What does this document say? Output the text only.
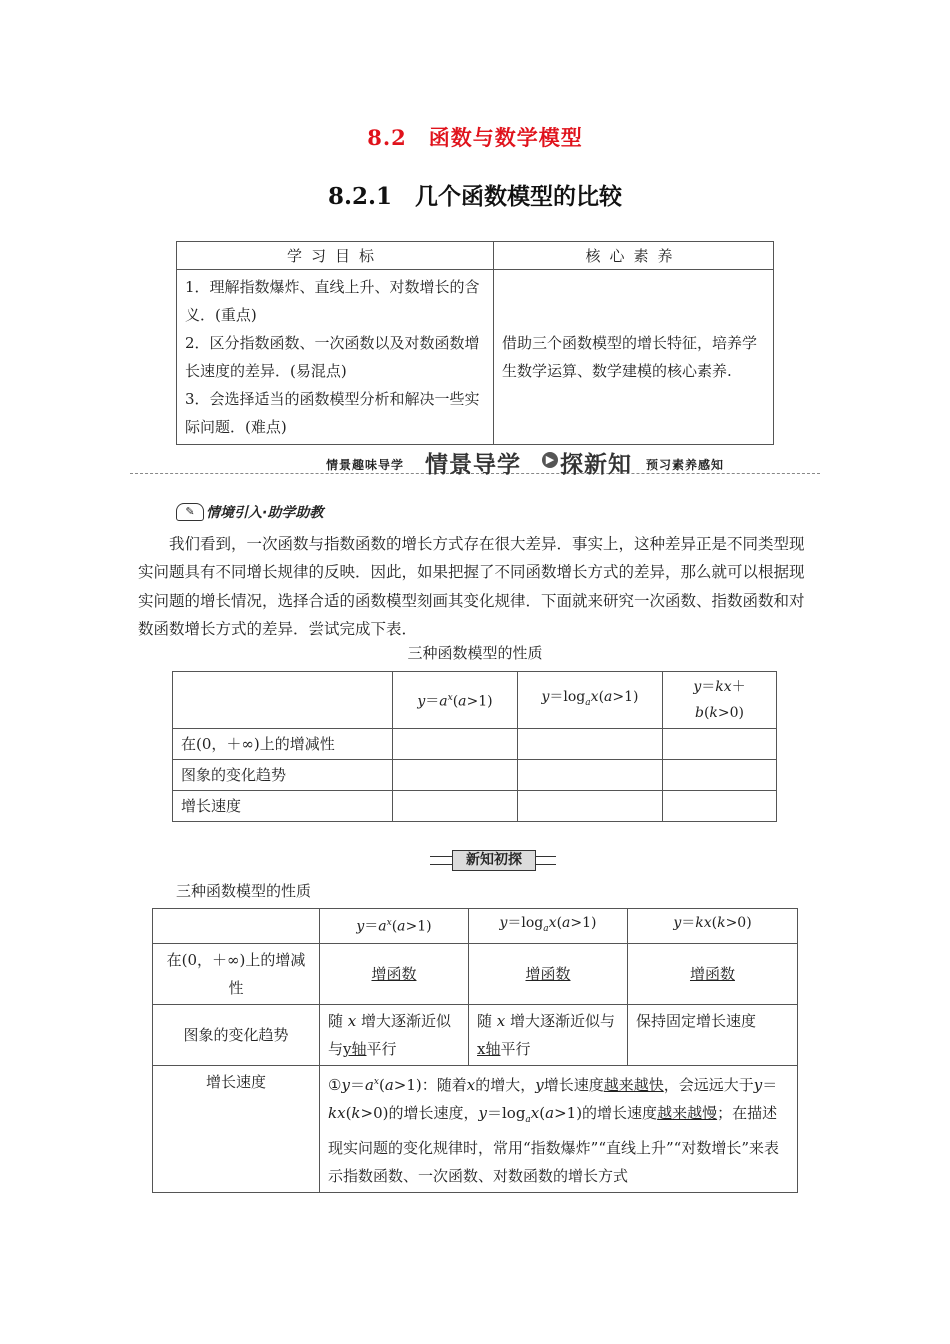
8.2　函数与数学模型
8.2.1　几个函数模型的比较
学习目标	核心素养

1．理解指数爆炸、直线上升、对数增长的含义．(重点)
2．区分指数函数、一次函数以及对数函数增长速度的差异．(易混点)
3．会选择适当的函数模型分析和解决一些实际问题．(难点)	借助三个函数模型的增长特征，培养学生数学运算、数学建模的核心素养.
情景趣味导学 情景导学	▶ 探新知 预习素养感知
✎ 情境引入·助学助教

我们看到，一次函数与指数函数的增长方式存在很大差异．事实上，这种差异正是不同类型现实问题具有不同增长规律的反映．因此，如果把握了不同函数增长方式的差异，那么就可以根据现实问题的增长情况，选择合适的函数模型刻画其变化规律．下面就来研究一次函数、指数函数和对数函数增长方式的差异．尝试完成下表．

三种函数模型的性质
	$y=a^x(a>1)$	$y=\log_ax(a>1)$	y＝kx＋
b(k>0)
在(0，＋∞)上的增减性			
图象的变化趋势			
增长速度			
新知初探
三种函数模型的性质
	$y=a^x(a>1)$	$y=\log_ax(a>1)$	y＝kx(k>0)
在(0，＋∞)上的增减性	增函数	增函数	增函数
图象的变化趋势	随 x 增大逐渐近似与y轴平行	随 x 增大逐渐近似与x轴平行	保持固定增长速度
增长速度	$①y=a^x(a>1)$：随着x的增大，y增长速度越来越快，会远远大于y＝kx(k>0)的增长速度，$y=\log_ax(a>1)$的增长速度越来越慢；在描述现实问题的变化规律时，常用“指数爆炸”“直线上升”“对数增长”来表示指数函数、一次函数、对数函数的增长方式		
